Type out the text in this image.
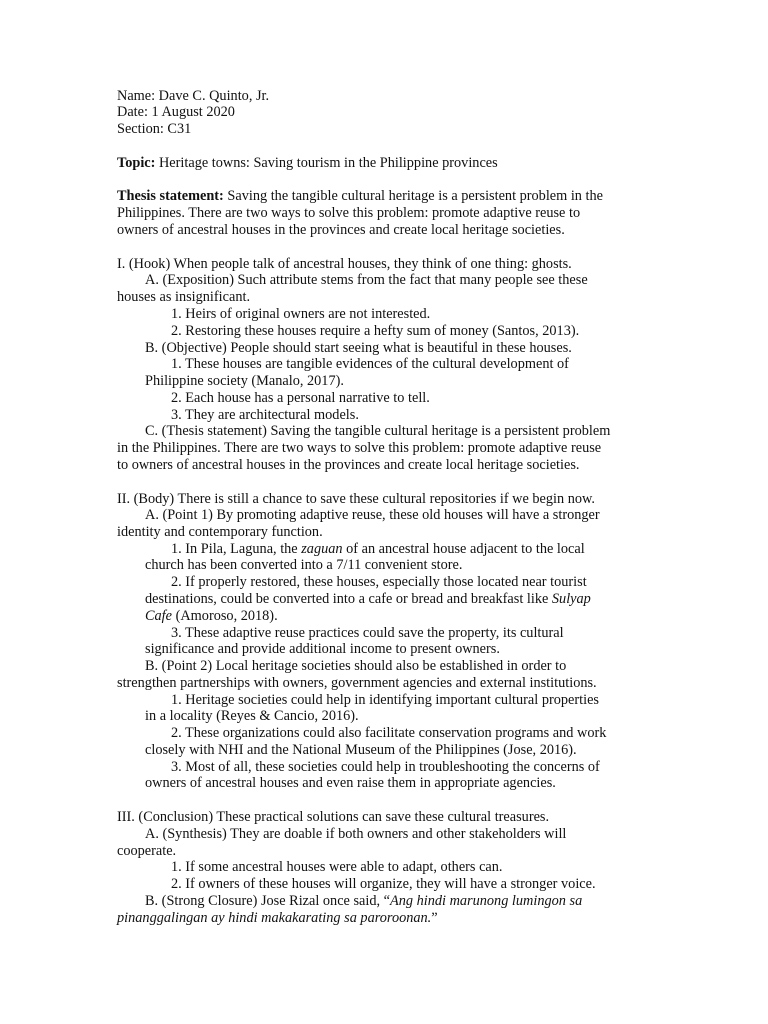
Name: Dave C. Quinto, Jr.
Date: 1 August 2020
Section: C31
Topic: Heritage towns: Saving tourism in the Philippine provinces
Thesis statement: Saving the tangible cultural heritage is a persistent problem in the
Philippines. There are two ways to solve this problem: promote adaptive reuse to
owners of ancestral houses in the provinces and create local heritage societies.
I. (Hook) When people talk of ancestral houses, they think of one thing: ghosts.
A. (Exposition) Such attribute stems from the fact that many people see these
houses as insignificant.
1. Heirs of original owners are not interested.
2. Restoring these houses require a hefty sum of money (Santos, 2013).
B. (Objective) People should start seeing what is beautiful in these houses.
1. These houses are tangible evidences of the cultural development of
Philippine society (Manalo, 2017).
2. Each house has a personal narrative to tell.
3. They are architectural models.
C. (Thesis statement) Saving the tangible cultural heritage is a persistent problem
in the Philippines. There are two ways to solve this problem: promote adaptive reuse
to owners of ancestral houses in the provinces and create local heritage societies.
II. (Body) There is still a chance to save these cultural repositories if we begin now.
A. (Point 1) By promoting adaptive reuse, these old houses will have a stronger
identity and contemporary function.
1. In Pila, Laguna, the zaguan of an ancestral house adjacent to the local
church has been converted into a 7/11 convenient store.
2. If properly restored, these houses, especially those located near tourist
destinations, could be converted into a cafe or bread and breakfast like Sulyap
Cafe (Amoroso, 2018).
3. These adaptive reuse practices could save the property, its cultural
significance and provide additional income to present owners.
B. (Point 2) Local heritage societies should also be established in order to
strengthen partnerships with owners, government agencies and external institutions.
1. Heritage societies could help in identifying important cultural properties
in a locality (Reyes & Cancio, 2016).
2. These organizations could also facilitate conservation programs and work
closely with NHI and the National Museum of the Philippines (Jose, 2016).
3. Most of all, these societies could help in troubleshooting the concerns of
owners of ancestral houses and even raise them in appropriate agencies.
III. (Conclusion) These practical solutions can save these cultural treasures.
A. (Synthesis) They are doable if both owners and other stakeholders will
cooperate.
1. If some ancestral houses were able to adapt, others can.
2. If owners of these houses will organize, they will have a stronger voice.
B. (Strong Closure) Jose Rizal once said, “Ang hindi marunong lumingon sa
pinanggalingan ay hindi makakarating sa paroroonan.”
